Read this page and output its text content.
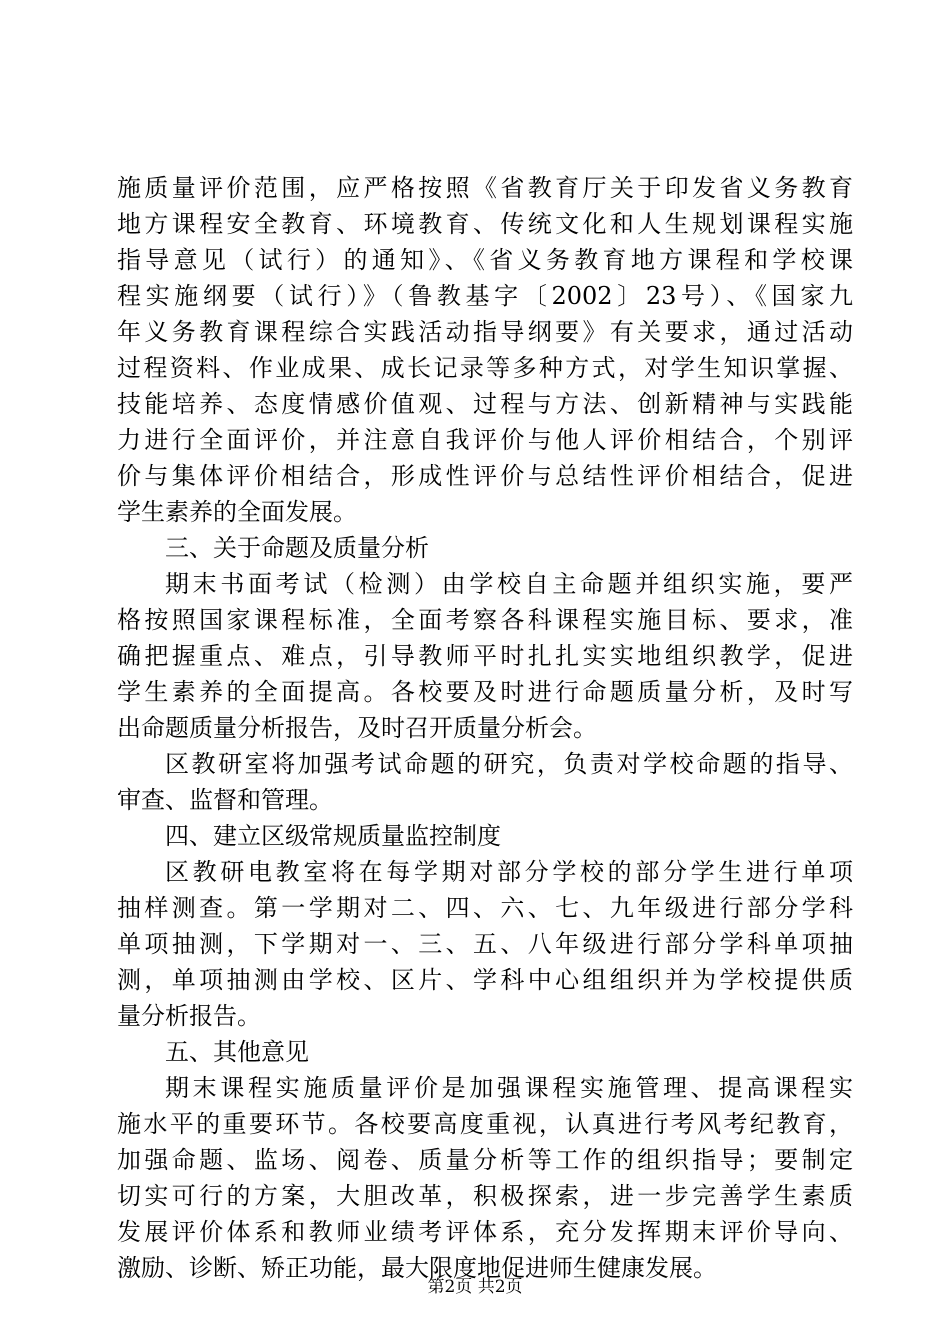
施质量评价范围，应严格按照《省教育厅关于印发省义务教育
地方课程安全教育、环境教育、传统文化和人生规划课程实施
指导意见（试行）的通知》、《省义务教育地方课程和学校课
程实施纲要（试行）》（鲁教基字〔2002〕23号）、《国家九
年义务教育课程综合实践活动指导纲要》有关要求，通过活动
过程资料、作业成果、成长记录等多种方式，对学生知识掌握、
技能培养、态度情感价值观、过程与方法、创新精神与实践能
力进行全面评价，并注意自我评价与他人评价相结合，个别评
价与集体评价相结合，形成性评价与总结性评价相结合，促进
学生素养的全面发展。
三、关于命题及质量分析
期末书面考试（检测）由学校自主命题并组织实施，要严
格按照国家课程标准，全面考察各科课程实施目标、要求，准
确把握重点、难点，引导教师平时扎扎实实地组织教学，促进
学生素养的全面提高。各校要及时进行命题质量分析，及时写
出命题质量分析报告，及时召开质量分析会。
区教研室将加强考试命题的研究，负责对学校命题的指导、
审查、监督和管理。
四、建立区级常规质量监控制度
区教研电教室将在每学期对部分学校的部分学生进行单项
抽样测查。第一学期对二、四、六、七、九年级进行部分学科
单项抽测，下学期对一、三、五、八年级进行部分学科单项抽
测，单项抽测由学校、区片、学科中心组组织并为学校提供质
量分析报告。
五、其他意见
期末课程实施质量评价是加强课程实施管理、提高课程实
施水平的重要环节。各校要高度重视，认真进行考风考纪教育，
加强命题、监场、阅卷、质量分析等工作的组织指导；要制定
切实可行的方案，大胆改革，积极探索，进一步完善学生素质
发展评价体系和教师业绩考评体系，充分发挥期末评价导向、
激励、诊断、矫正功能，最大限度地促进师生健康发展。
第2页 共2页
